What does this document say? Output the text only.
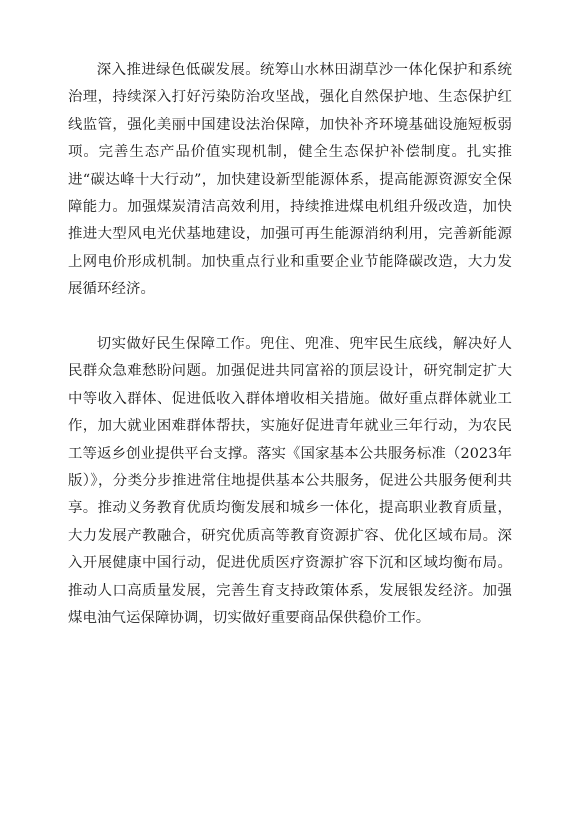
深入推进绿色低碳发展。统筹山水林田湖草沙一体化保护和系统治理，持续深入打好污染防治攻坚战，强化自然保护地、生态保护红线监管，强化美丽中国建设法治保障，加快补齐环境基础设施短板弱项。完善生态产品价值实现机制，健全生态保护补偿制度。扎实推进“碳达峰十大行动”，加快建设新型能源体系，提高能源资源安全保障能力。加强煤炭清洁高效利用，持续推进煤电机组升级改造，加快推进大型风电光伏基地建设，加强可再生能源消纳利用，完善新能源上网电价形成机制。加快重点行业和重要企业节能降碳改造，大力发展循环经济。

切实做好民生保障工作。兜住、兜准、兜牢民生底线，解决好人民群众急难愁盼问题。加强促进共同富裕的顶层设计，研究制定扩大中等收入群体、促进低收入群体增收相关措施。做好重点群体就业工作，加大就业困难群体帮扶，实施好促进青年就业三年行动，为农民工等返乡创业提供平台支撑。落实《国家基本公共服务标准（2023年版）》，分类分步推进常住地提供基本公共服务，促进公共服务便利共享。推动义务教育优质均衡发展和城乡一体化，提高职业教育质量，大力发展产教融合，研究优质高等教育资源扩容、优化区域布局。深入开展健康中国行动，促进优质医疗资源扩容下沉和区域均衡布局。推动人口高质量发展，完善生育支持政策体系，发展银发经济。加强煤电油气运保障协调，切实做好重要商品保供稳价工作。
